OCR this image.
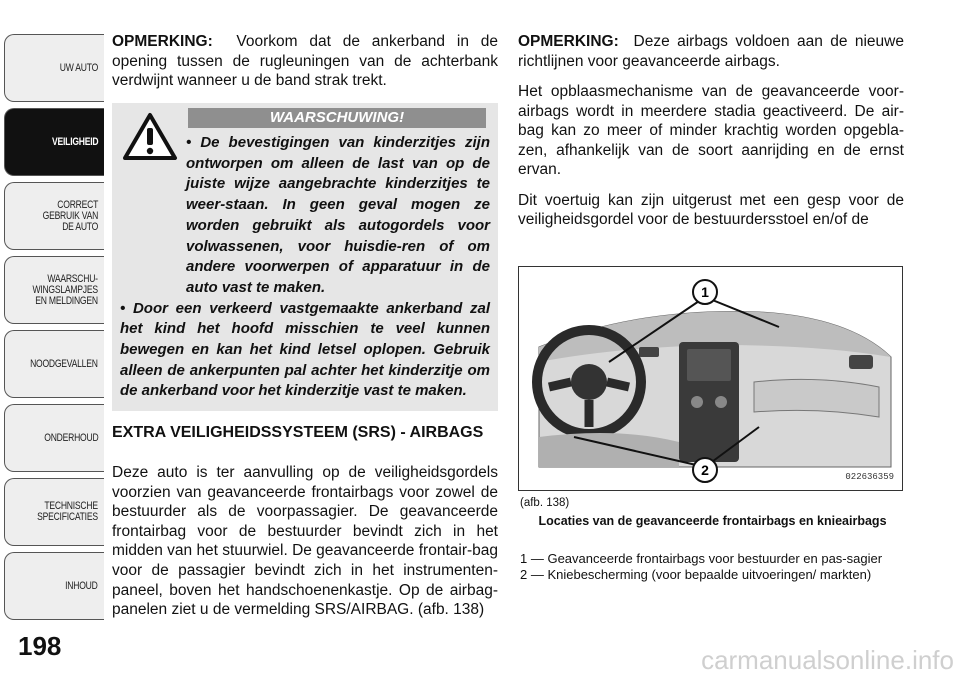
UW AUTO
VEILIGHEID
CORRECT
GEBRUIK VAN
DE AUTO
WAARSCHU-
WINGSLAMPJES
EN MELDINGEN
NOODGEVALLEN
ONDERHOUD
TECHNISCHE
SPECIFICATIES
INHOUD
198

OPMERKING: Voorkom dat de ankerband in de opening tussen de rugleuningen van de achterbank verdwijnt wanneer u de band strak trekt.

WAARSCHUWING!

• De bevestigingen van kinderzitjes zijn ontworpen om alleen de last van op de juiste wijze aangebrachte kinderzitjes te weer-staan. In geen geval mogen ze worden gebruikt als autogordels voor volwassenen, voor huisdie-ren of om andere voorwerpen of apparatuur in de auto vast te maken.

• Door een verkeerd vastgemaakte ankerband zal het kind het hoofd misschien te veel kunnen bewegen en kan het kind letsel oplopen. Gebruik alleen de ankerpunten pal achter het kinderzitje om de ankerband voor het kinderzitje vast te maken.

EXTRA VEILIGHEIDSSYSTEEM (SRS) - AIRBAGS
Deze auto is ter aanvulling op de veiligheidsgordels voorzien van geavanceerde frontairbags voor zowel de bestuurder als de voorpassagier. De geavanceerde frontairbag voor de bestuurder bevindt zich in het midden van het stuurwiel. De geavanceerde frontair-bag voor de passagier bevindt zich in het instrumenten-paneel, boven het handschoenenkastje. Op de airbag-panelen ziet u de vermelding SRS/AIRBAG. (afb. 138)

OPMERKING: Deze airbags voldoen aan de nieuwe richtlijnen voor geavanceerde airbags.

Het opblaasmechanisme van de geavanceerde voor-airbags wordt in meerdere stadia geactiveerd. De air-bag kan zo meer of minder krachtig worden opgebla-zen, afhankelijk van de soort aanrijding en de ernst ervan.

Dit voertuig kan zijn uitgerust met een gesp voor de veiligheidsgordel voor de bestuurdersstoel en/of de

1
2	022636359
(afb. 138)
Locaties van de geavanceerde frontairbags en knieairbags
1 — Geavanceerde frontairbags voor bestuurder en pas-sagier
2 — Kniebescherming (voor bepaalde uitvoeringen/ markten)
carmanualsonline.info
